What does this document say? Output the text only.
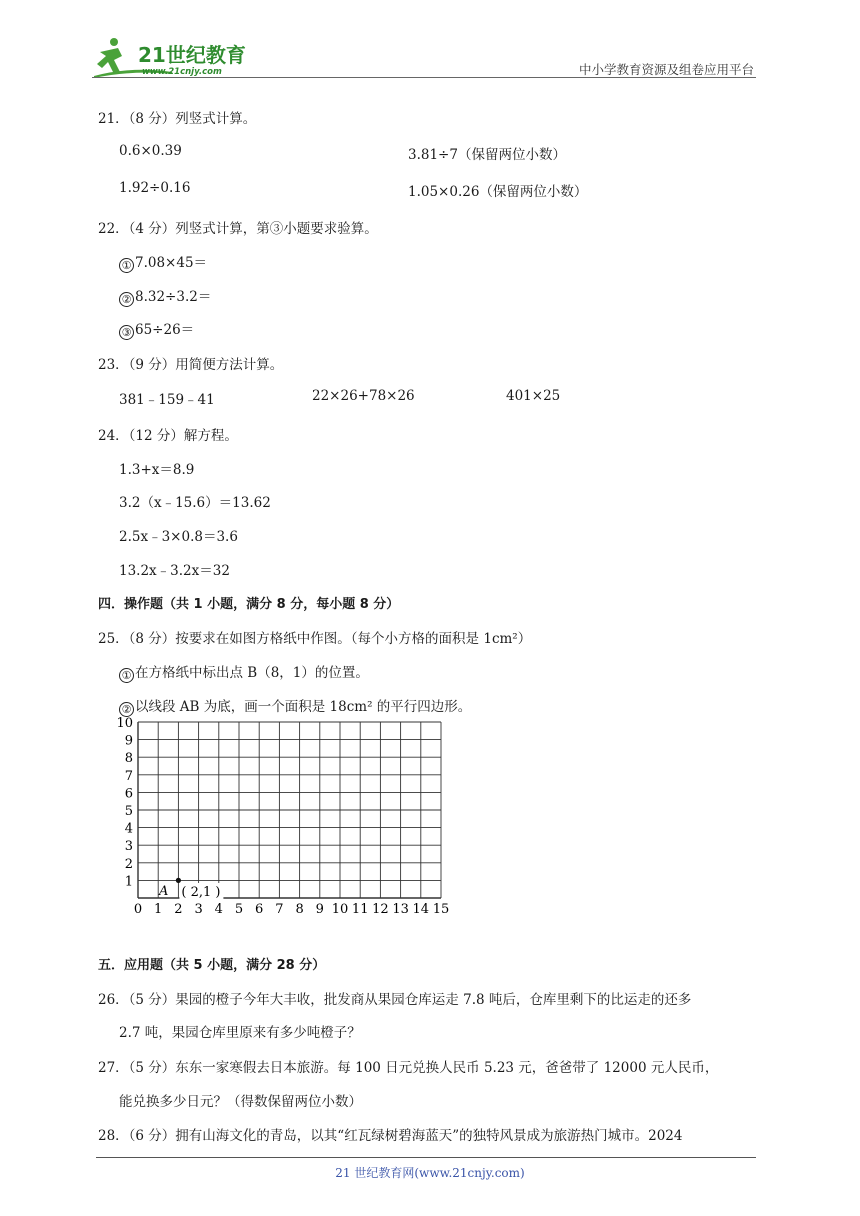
21世纪教育
www.21cnjy.com	中小学教育资源及组卷应用平台
21．（8 分）列竖式计算。
0.6×0.39	3.81÷7（保留两位小数）
1.92÷0.16	1.05×0.26（保留两位小数）
22．（4 分）列竖式计算，第③小题要求验算。
① 7.08×45＝
② 8.32÷3.2＝
③ 65÷26＝
23．（9 分）用简便方法计算。
381﹣159﹣41	22×26+78×26	401×25
24．（12 分）解方程。
1.3+x＝8.9
3.2（x﹣15.6）＝13.62
2.5x﹣3×0.8＝3.6
13.2x﹣3.2x＝32
四．操作题（共 1 小题，满分 8 分，每小题 8 分）
25．（8 分）按要求在如图方格纸中作图。（每个小方格的面积是 1cm²）
① 在方格纸中标出点 B（8，1）的位置。
② 以线段 AB 为底，画一个面积是 18cm² 的平行四边形。
0 1 2 3 4 5 6 7 8 9 10 11 12 13 14 15
1
2
3
4
5
6
7
8
9
10
A ( 2,1 )
五．应用题（共 5 小题，满分 28 分）
26．（5 分）果园的橙子今年大丰收，批发商从果园仓库运走 7.8 吨后，仓库里剩下的比运走的还多
2.7 吨，果园仓库里原来有多少吨橙子？
27．（5 分）东东一家寒假去日本旅游。每 100 日元兑换人民币 5.23 元，爸爸带了 12000 元人民币，
能兑换多少日元？（得数保留两位小数）
28．（6 分）拥有山海文化的青岛，以其“红瓦绿树碧海蓝天”的独特风景成为旅游热门城市。2024
21 世纪教育网(www.21cnjy.com)
